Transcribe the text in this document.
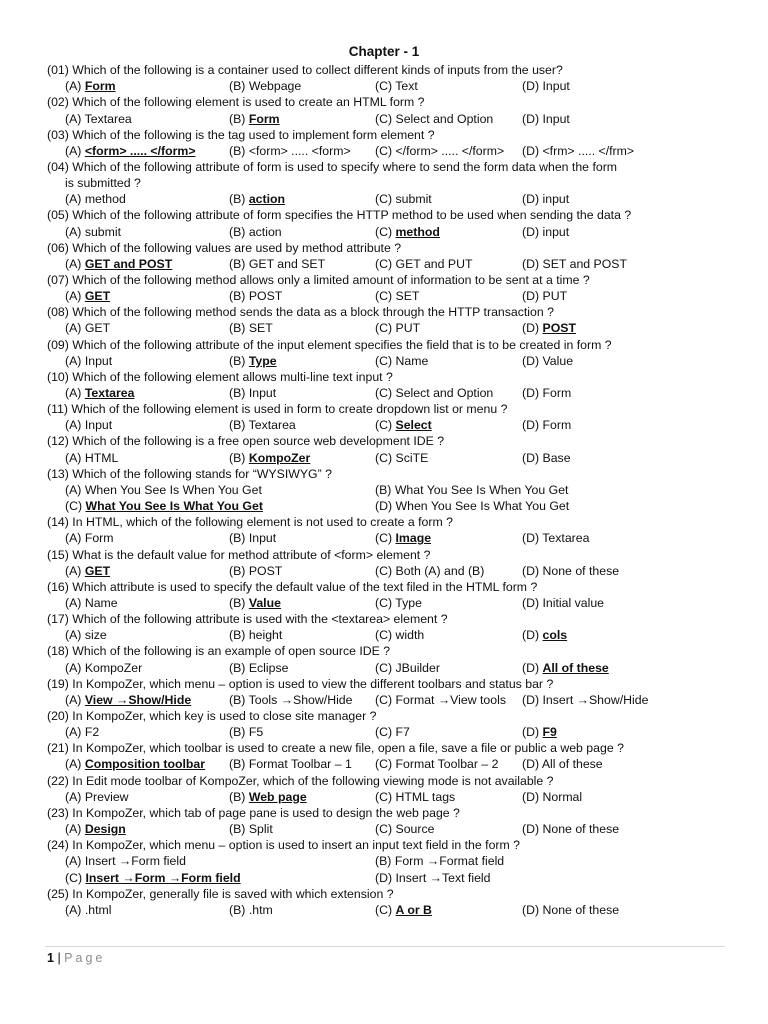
Chapter - 1
(01) Which of the following is a container used to collect different kinds of inputs from the user?
(A) Form	(B) Webpage	(C) Text	(D) Input
(02) Which of the following element is used to create an HTML form ?
(A) Textarea	(B) Form	(C) Select and Option (D) Input
(03) Which of the following is the tag used to implement form element ?
(A) <form> ..... </form>	(B) <form> ..... <form> (C) </form> ..... </form> (D) <frm> ..... </frm>
(04) Which of the following attribute of form is used to specify where to send the form data when the form
is submitted ?
(A) method	(B) action	(C) submit	(D) input
(05) Which of the following attribute of form specifies the HTTP method to be used when sending the data ?
(A) submit	(B) action	(C) method	(D) input
(06) Which of the following values are used by method attribute ?
(A) GET and POST	(B) GET and SET	(C) GET and PUT	(D) SET and POST
(07) Which of the following method allows only a limited amount of information to be sent at a time ?
(A) GET	(B) POST	(C) SET	(D) PUT
(08) Which of the following method sends the data as a block through the HTTP transaction ?
(A) GET	(B) SET	(C) PUT	(D) POST
(09) Which of the following attribute of the input element specifies the field that is to be created in form ?
(A) Input	(B) Type	(C) Name	(D) Value
(10) Which of the following element allows multi-line text input ?
(A) Textarea	(B) Input	(C) Select and Option (D) Form
(11) Which of the following element is used in form to create dropdown list or menu ?
(A) Input	(B) Textarea	(C) Select	(D) Form
(12) Which of the following is a free open source web development IDE ?
(A) HTML	(B) KompoZer	(C) SciTE	(D) Base
(13) Which of the following stands for “WYSIWYG” ?
(A) When You See Is When You Get	(B) What You See Is When You Get
(C) What You See Is What You Get	(D) When You See Is What You Get
(14) In HTML, which of the following element is not used to create a form ?
(A) Form	(B) Input	(C) Image	(D) Textarea
(15) What is the default value for method attribute of <form> element ?
(A) GET	(B) POST	(C) Both (A) and (B)	(D) None of these
(16) Which attribute is used to specify the default value of the text filed in the HTML form ?
(A) Name	(B) Value	(C) Type	(D) Initial value
(17) Which of the following attribute is used with the <textarea> element ?
(A) size	(B) height	(C) width	(D) cols
(18) Which of the following is an example of open source IDE ?
(A) KompoZer	(B) Eclipse	(C) JBuilder	(D) All of these
(19) In KompoZer, which menu – option is used to view the different toolbars and status bar ?
(A) View →Show/Hide	(B) Tools →Show/Hide (C) Format →View tools (D) Insert →Show/Hide
(20) In KompoZer, which key is used to close site manager ?
(A) F2	(B) F5	(C) F7	(D) F9
(21) In KompoZer, which toolbar is used to create a new file, open a file, save a file or public a web page ?
(A) Composition toolbar (B) Format Toolbar – 1 (C) Format Toolbar – 2 (D) All of these
(22) In Edit mode toolbar of KompoZer, which of the following viewing mode is not available ?
(A) Preview	(B) Web page	(C) HTML tags	(D) Normal
(23) In KompoZer, which tab of page pane is used to design the web page ?
(A) Design	(B) Split	(C) Source	(D) None of these
(24) In KompoZer, which menu – option is used to insert an input text field in the form ?
(A) Insert →Form field	(B) Form →Format field
(C) Insert →Form →Form field	(D) Insert →Text field
(25) In KompoZer, generally file is saved with which extension ?
(A) .html	(B) .htm	(C) A or B	(D) None of these
1 | Page
